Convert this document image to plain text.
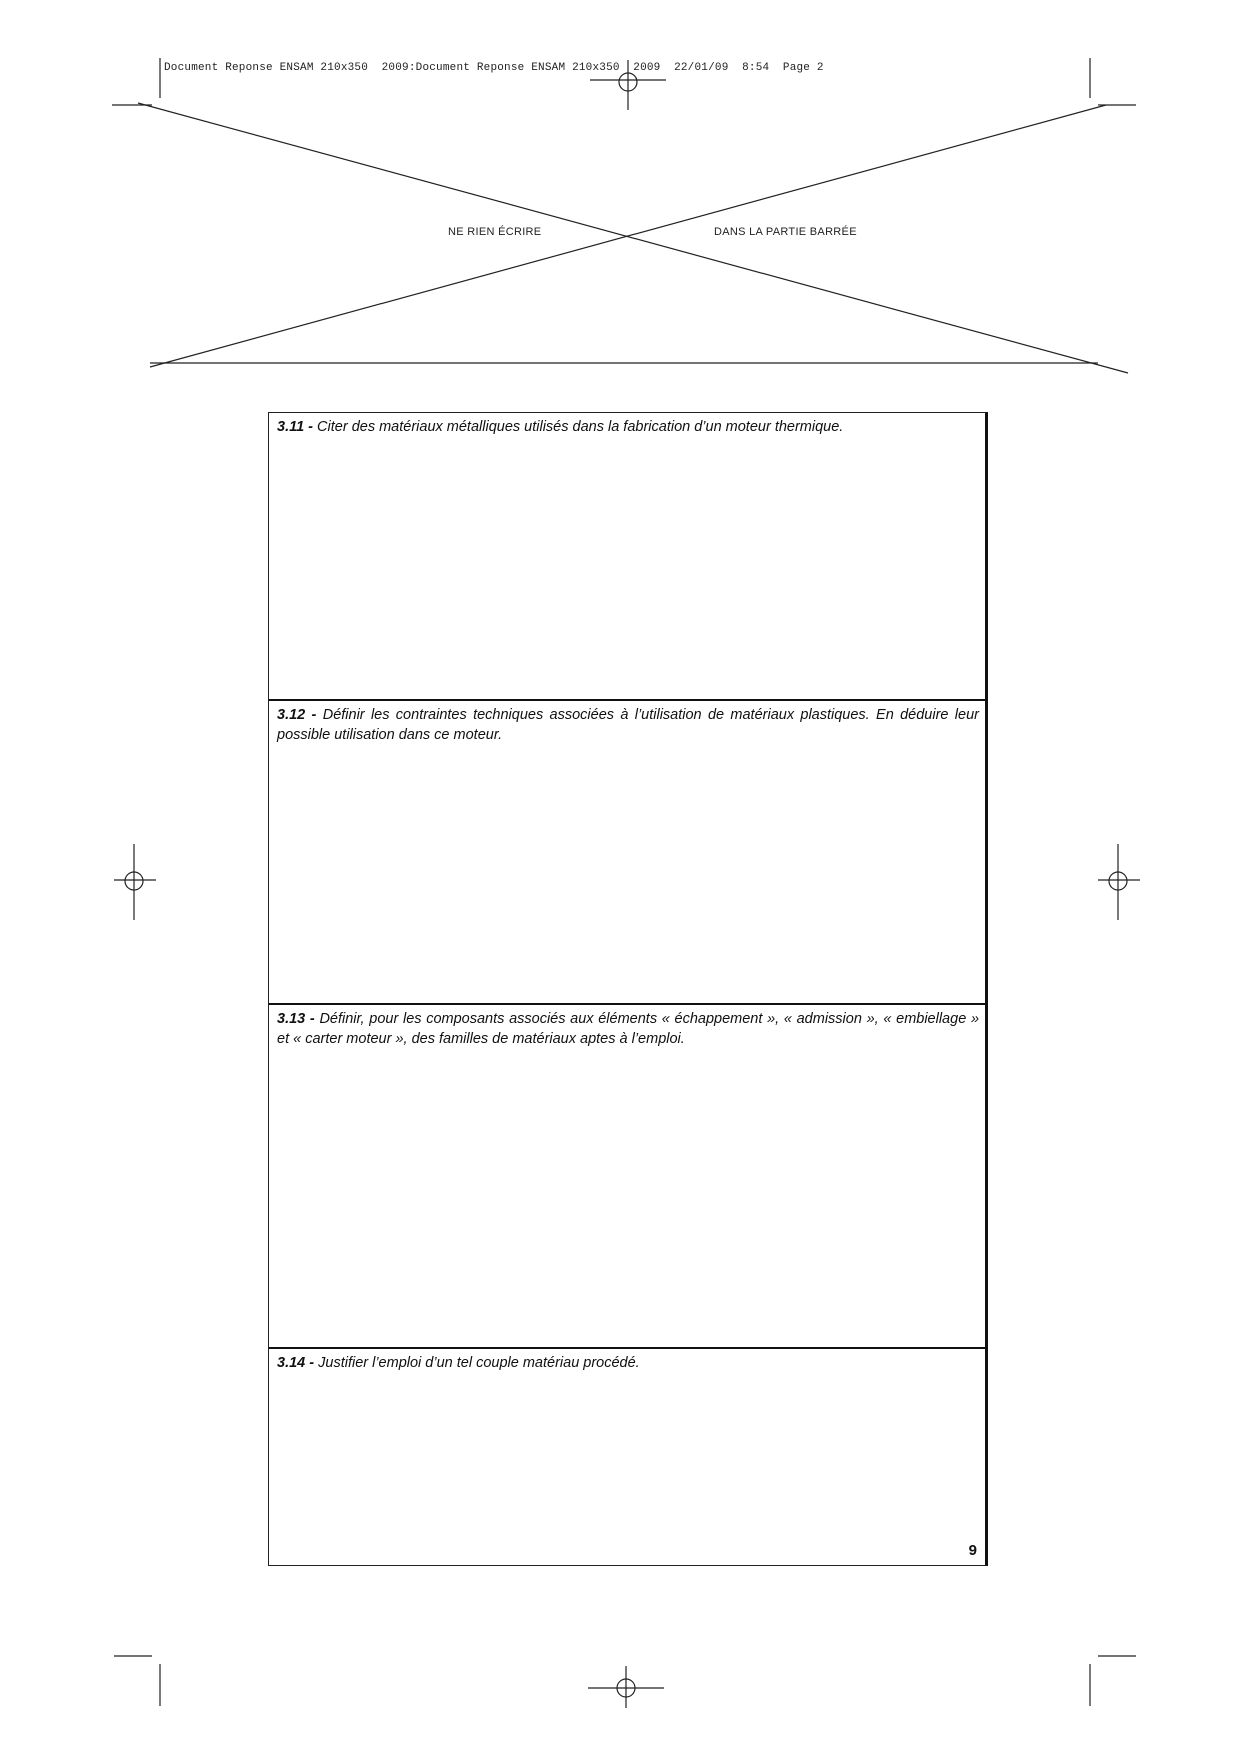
Document Reponse ENSAM 210x350  2009:Document Reponse ENSAM 210x350  2009  22/01/09  8:54  Page 2
NE RIEN ÉCRIRE	DANS LA PARTIE BARRÉE

3.11 - Citer des matériaux métalliques utilisés dans la fabrication d’un moteur thermique.

3.12 - Définir les contraintes techniques associées à l’utilisation de matériaux plastiques. En déduire leur possible utilisation dans ce moteur.

3.13 - Définir, pour les composants associés aux éléments « échappement », « admission », « embiellage » et « carter moteur », des familles de matériaux aptes à l’emploi.

3.14 - Justifier l’emploi d’un tel couple matériau procédé.

9
